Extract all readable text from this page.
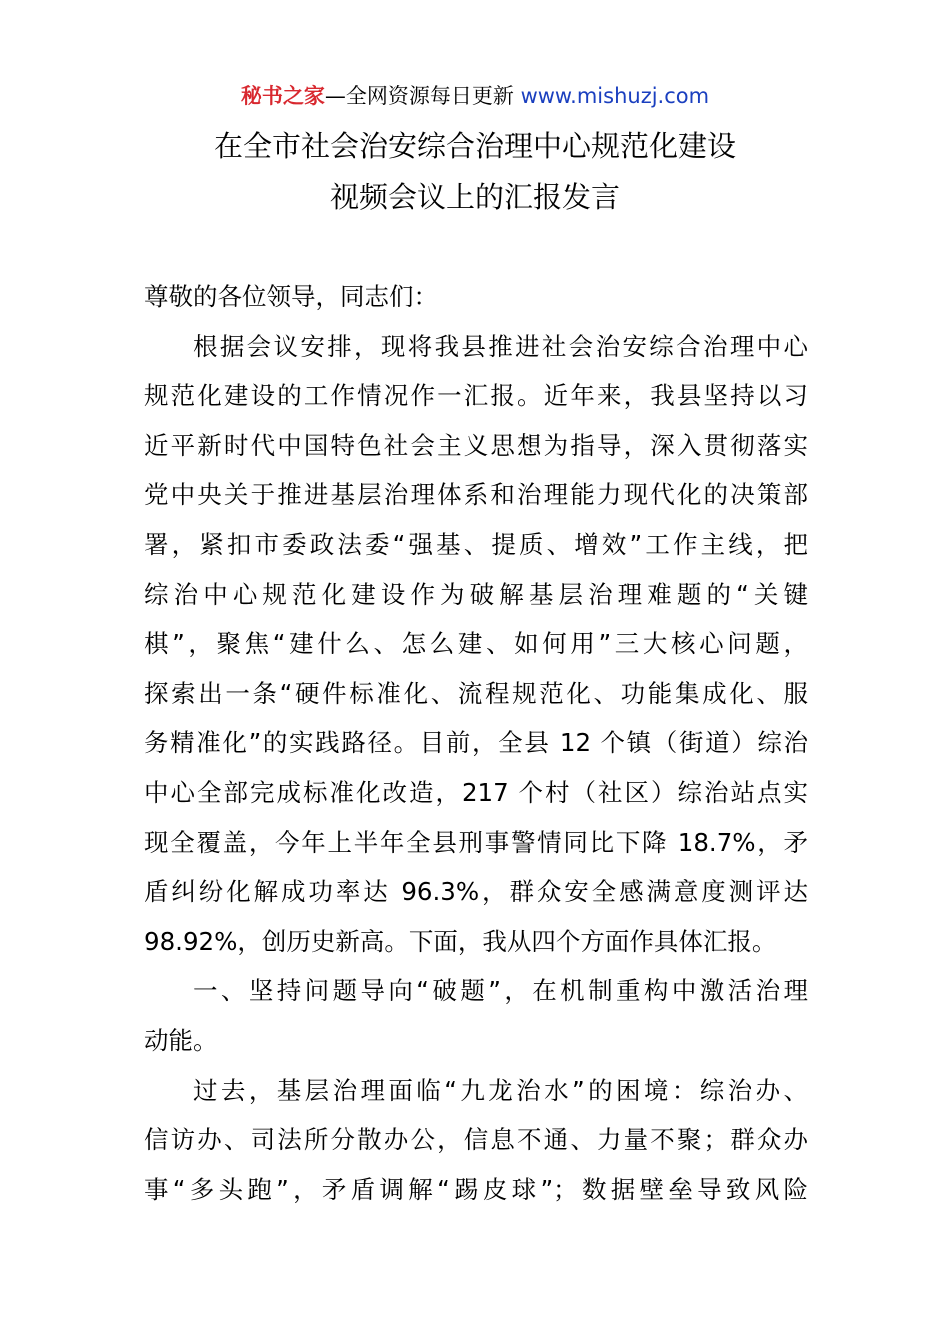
秘书之家—全网资源每日更新 www.mishuzj.com
在全市社会治安综合治理中心规范化建设
视频会议上的汇报发言
尊敬的各位领导，同志们：
根据会议安排，现将我县推进社会治安综合治理中心
规范化建设的工作情况作一汇报。近年来，我县坚持以习
近平新时代中国特色社会主义思想为指导，深入贯彻落实
党中央关于推进基层治理体系和治理能力现代化的决策部
署，紧扣市委政法委“强基、提质、增效”工作主线，把
综治中心规范化建设作为破解基层治理难题的“关键
棋”，聚焦“建什么、怎么建、如何用”三大核心问题，
探索出一条“硬件标准化、流程规范化、功能集成化、服
务精准化”的实践路径。目前，全县 12 个镇（街道）综治
中心全部完成标准化改造，217 个村（社区）综治站点实
现全覆盖，今年上半年全县刑事警情同比下降 18.7%，矛
盾纠纷化解成功率达 96.3%，群众安全感满意度测评达
98.92%，创历史新高。下面，我从四个方面作具体汇报。
一、坚持问题导向“破题”，在机制重构中激活治理
动能。
过去，基层治理面临“九龙治水”的困境：综治办、
信访办、司法所分散办公，信息不通、力量不聚；群众办
事“多头跑”，矛盾调解“踢皮球”；数据壁垒导致风险
